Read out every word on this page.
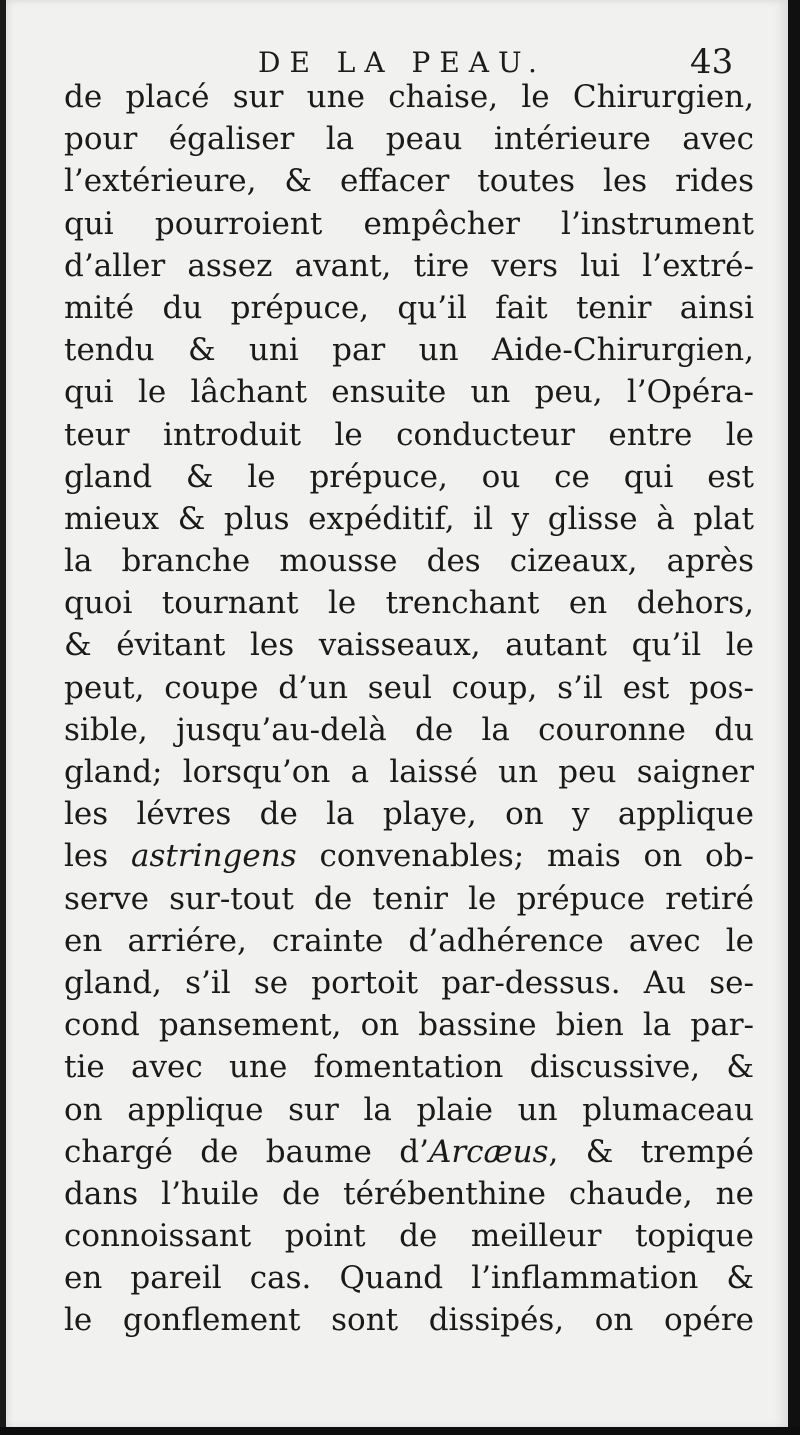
DE LA PEAU.	43
de placé sur une chaise, le Chirurgien,
pour égaliser la peau intérieure avec
l’extérieure, & effacer toutes les rides
qui pourroient empêcher l’instrument
d’aller assez avant, tire vers lui l’extré-
mité du prépuce, qu’il fait tenir ainsi
tendu & uni par un Aide-Chirurgien,
qui le lâchant ensuite un peu, l’Opéra-
teur introduit le conducteur entre le
gland & le prépuce, ou ce qui est
mieux & plus expéditif, il y glisse à plat
la branche mousse des cizeaux, après
quoi tournant le trenchant en dehors,
& évitant les vaisseaux, autant qu’il le
peut, coupe d’un seul coup, s’il est pos-
sible, jusqu’au-delà de la couronne du
gland; lorsqu’on a laissé un peu saigner
les lévres de la playe, on y applique
les astringens convenables; mais on ob-
serve sur-tout de tenir le prépuce retiré
en arriére, crainte d’adhérence avec le
gland, s’il se portoit par-dessus. Au se-
cond pansement, on bassine bien la par-
tie avec une fomentation discussive, &
on applique sur la plaie un plumaceau
chargé de baume d’Arcæus, & trempé
dans l’huile de térébenthine chaude, ne
connoissant point de meilleur topique
en pareil cas. Quand l’inflammation &
le gonflement sont dissipés, on opére
